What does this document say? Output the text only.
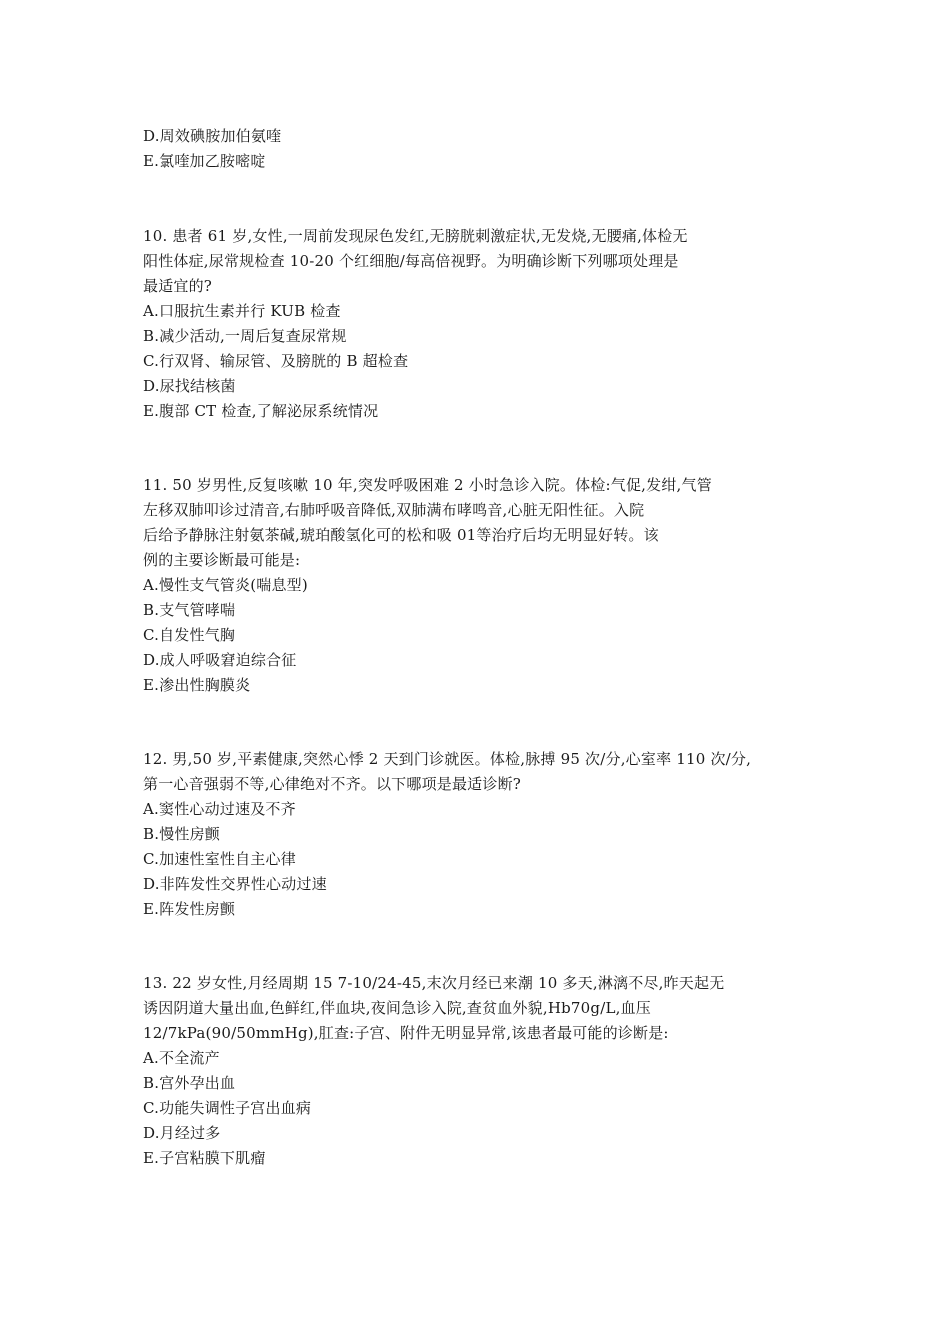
D.周效碘胺加伯氨喹
E.氯喹加乙胺嘧啶
10. 患者 61 岁,女性,一周前发现尿色发红,无膀胱刺激症状,无发烧,无腰痛,体检无
阳性体症,尿常规检查 10-20 个红细胞/每高倍视野。为明确诊断下列哪项处理是
最适宜的?
A.口服抗生素并行 KUB 检查
B.减少活动,一周后复查尿常规
C.行双肾、输尿管、及膀胱的 B 超检查
D.尿找结核菌
E.腹部 CT 检查,了解泌尿系统情况
11. 50 岁男性,反复咳嗽 10 年,突发呼吸困难 2 小时急诊入院。体检:气促,发绀,气管
左移双肺叩诊过清音,右肺呼吸音降低,双肺满布哮鸣音,心脏无阳性征。入院
后给予静脉注射氨茶碱,琥珀酸氢化可的松和吸 01等治疗后均无明显好转。该
例的主要诊断最可能是:
A.慢性支气管炎(喘息型)
B.支气管哮喘
C.自发性气胸
D.成人呼吸窘迫综合征
E.渗出性胸膜炎
12. 男,50 岁,平素健康,突然心悸 2 天到门诊就医。体检,脉搏 95 次/分,心室率 110 次/分,
第一心音强弱不等,心律绝对不齐。以下哪项是最适诊断?
A.窦性心动过速及不齐
B.慢性房颤
C.加速性室性自主心律
D.非阵发性交界性心动过速
E.阵发性房颤
13. 22 岁女性,月经周期 15 7-10/24-45,末次月经已来潮 10 多天,淋漓不尽,昨天起无
诱因阴道大量出血,色鲜红,伴血块,夜间急诊入院,查贫血外貌,Hb70g/L,血压
12/7kPa(90/50mmHg),肛查:子宫、附件无明显异常,该患者最可能的诊断是:
A.不全流产
B.宫外孕出血
C.功能失调性子宫出血病
D.月经过多
E.子宫粘膜下肌瘤
